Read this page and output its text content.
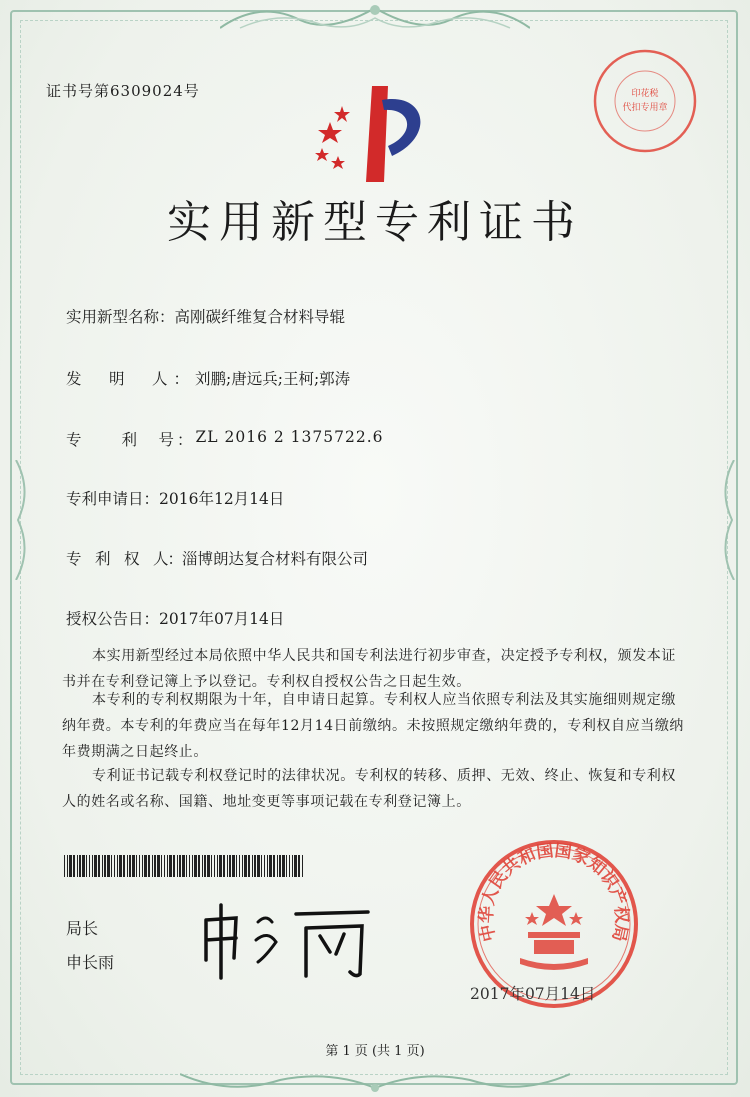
证书号第6309024号	印花税
代扣专用章
实用新型专利证书
实用新型名称： 高刚碳纤维复合材料导辊
发　明　人： 刘鹏;唐远兵;王柯;郭涛
专　　利　号： ZL 2016 2 1375722.6
专利申请日： 2016年12月14日
专　利　权　人： 淄博朗达复合材料有限公司
授权公告日： 2017年07月14日
本实用新型经过本局依照中华人民共和国专利法进行初步审查，决定授予专利权，颁发本证书并在专利登记簿上予以登记。专利权自授权公告之日起生效。
本专利的专利权期限为十年，自申请日起算。专利权人应当依照专利法及其实施细则规定缴纳年费。本专利的年费应当在每年12月14日前缴纳。未按照规定缴纳年费的，专利权自应当缴纳年费期满之日起终止。
专利证书记载专利权登记时的法律状况。专利权的转移、质押、无效、终止、恢复和专利权人的姓名或名称、国籍、地址变更等事项记载在专利登记簿上。
局长
申长雨
中华人民共和国国家知识产权局
2017年07月14日
第 1 页 (共 1 页)
